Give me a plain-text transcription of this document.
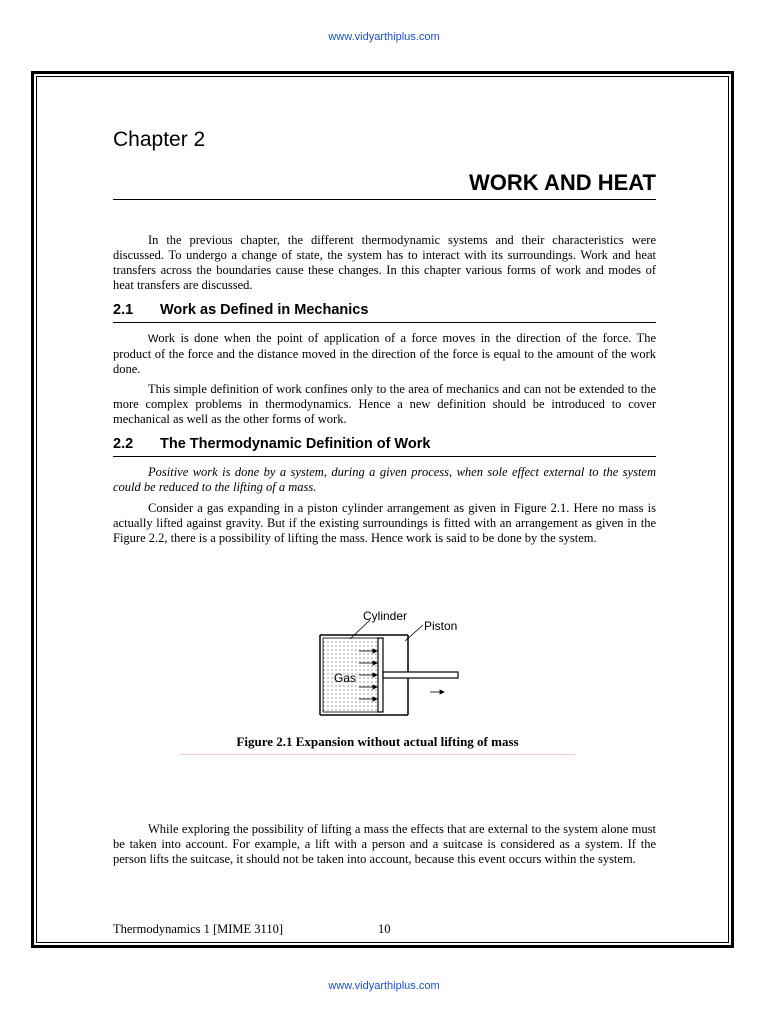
www.vidyarthiplus.com
Chapter 2
WORK AND HEAT

In the previous chapter, the different thermodynamic systems and their characteristics were discussed. To undergo a change of state, the system has to interact with its surroundings. Work and heat transfers across the boundaries cause these changes. In this chapter various forms of work and modes of heat transfers are discussed.

2.1 Work as Defined in Mechanics

Work is done when the point of application of a force moves in the direction of the force. The product of the force and the distance moved in the direction of the force is equal to the amount of the work done.

This simple definition of work confines only to the area of mechanics and can not be extended to the more complex problems in thermodynamics. Hence a new definition should be introduced to cover mechanical as well as the other forms of work.

2.2 The Thermodynamic Definition of Work

Positive work is done by a system, during a given process, when sole effect external to the system could be reduced to the lifting of a mass.

Consider a gas expanding in a piston cylinder arrangement as given in Figure 2.1. Here no mass is actually lifted against gravity. But if the existing surroundings is fitted with an arrangement as given in the Figure 2.2, there is a possibility of lifting the mass. Hence work is said to be done by the system.

Cylinder
Piston
Gas
Figure 2.1 Expansion without actual lifting of mass

While exploring the possibility of lifting a mass the effects that are external to the system alone must be taken into account. For example, a lift with a person and a suitcase is considered as a system. If the person lifts the suitcase, it should not be taken into account, because this event occurs within the system.

Thermodynamics 1 [MIME 3110]	10
www.vidyarthiplus.com
